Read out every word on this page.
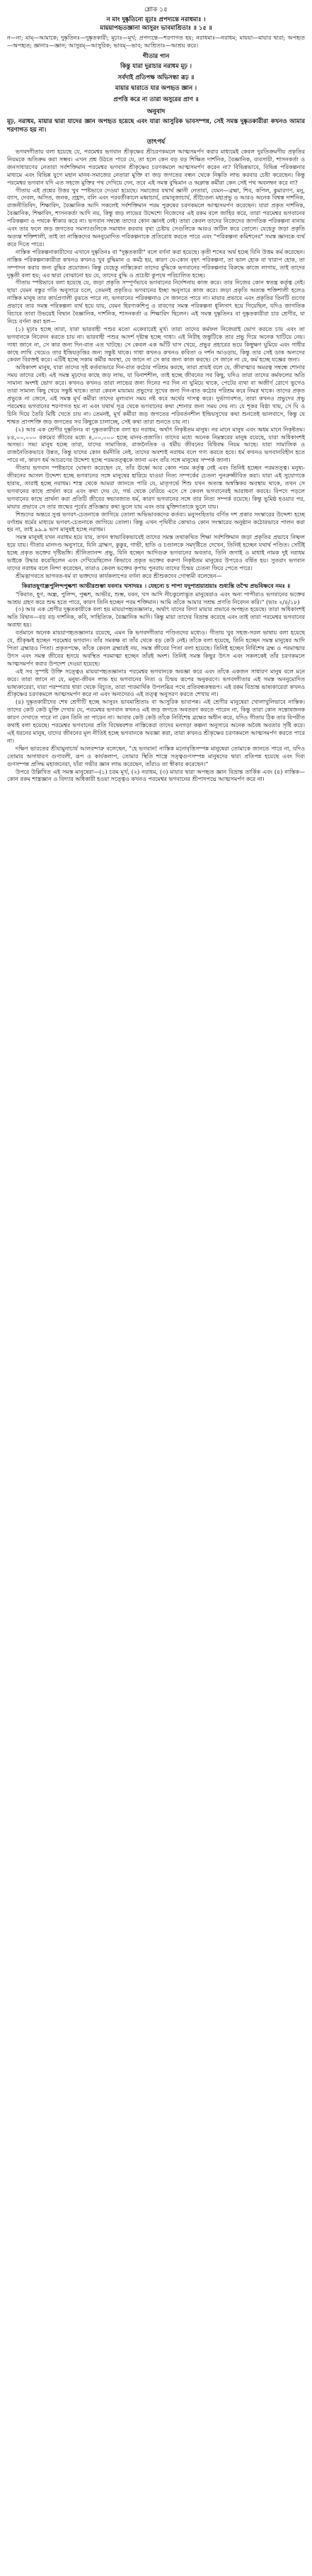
শ্লোক ১৫

ন মাং দুষ্কৃতিনো মূঢ়াঃ প্রপদ্যন্তে নরাধমাঃ ।

মায়য়াপহৃতজ্ঞানা আসুরং ভাবমাশ্রিতাঃ ॥ ১৫ ॥

ন—না; মাম্—আমাকে; দুষ্কৃতিনঃ—দুষ্কৃতকারী; মূঢ়াঃ—মূর্খ; প্রপদ্যন্তে—শরণাগত হয়; নরাধমাঃ—নরাধম; মায়য়া—মায়ার দ্বারা; অপহৃত—অপহৃত; জ্ঞানাঃ—জ্ঞান; আসুরম্—আসুরিক; ভাবম্—ভাব; আশ্রিতাঃ—আশ্রয় করে।

গীতার গান
কিন্তু যারা দুরাচার নরাধম মূঢ় ।
সর্বদাই প্রতিপক্ষ অভিসন্ধা রূঢ় ॥
মায়ার দ্বারাতে যার অপহৃত জ্ঞান ।
প্রপত্তি করে না তারা অসুরের প্রাণ ॥
অনুবাদ

মূঢ়, নরাধম, মায়ার দ্বারা যাদের জ্ঞান অপহৃত হয়েছে এবং যারা আসুরিক ভাবসম্পন্ন, সেই সমস্ত দুষ্কৃতকারীরা কখনও আমার শরণাগত হয় না।

তাৎপর্য

ভগবদ্গীতায় বলা হয়েছে যে, পরমেশ্বর ভগবান শ্রীকৃষ্ণের শ্রীচরণকমলে আত্মসমর্পণ করার মাধ্যমেই কেবল দুরতিক্রমণীয় প্রকৃতির নিয়মকে অতিক্রম করা সম্ভব। এখন প্রশ্ন উঠতে পারে যে, তা হলে কেন বড় বড় শিক্ষিত দার্শনিক, বৈজ্ঞানিক, ব্যবসায়ী, শাসনকর্তা ও জনসাধারণের নেতারা সর্বশক্তিমান পরমেশ্বর ভগবান শ্রীকৃষ্ণের চরণকমলে আত্মসমর্পণ করেন না? বিভিন্নভাবে, বিভিন্ন পরিকল্পনার মাধ্যমে এবং বিভিন্ন যুগে মহান মানব-সমাজের নেতারা মুক্তি বা জড় জগতের বন্ধন থেকে নিষ্কৃতি লাভ করবার চেষ্টা করেছেন। কিন্তু পরমেশ্বর ভগবান যদি এত সহজে মুক্তির পথ দেখিয়ে দেন, তবে এই সমস্ত বুদ্ধিমান ও অক্লান্ত কর্মীরা কেন সেই পথ অবলম্বন করে না?

গীতায় এই প্রশ্নের উত্তর খুব স্পষ্টভাবে দেওয়া হয়েছে। সমাজের যথার্থ জ্ঞানী নেতারা, যেমন—ব্রহ্মা, শিব, কপিল, কুমারগণ, মনু, ব্যাস, দেবল, অসিত, জনক, প্রহ্লাদ, বলি এবং পরবর্তীকালে মধ্বাচার্য, রামানুজাচার্য, শ্রীচৈতন্য মহাপ্রভু ও আরও অনেক বিশ্বস্ত দার্শনিক, রাজনীতিবিদ, শিক্ষাবিদ, বৈজ্ঞানিক আদি সকলেই সর্বশক্তিমান পরম পুরুষের চরণকমলে আত্মসমর্পণ করেছেন। যারা প্রকৃত দার্শনিক, বৈজ্ঞানিক, শিক্ষাবিদ, শাসনকর্তা আদি নয়, কিন্তু জড় লাভের উদ্দেশ্যে নিজেদের এই রকম বলে জাহির করে, তারা পরমেশ্বর ভগবানের পরিকল্পনা ও পথকে স্বীকার করে না। ভগবান সম্বন্ধে তাদের কোন জ্ঞানই নেই। তারা কেবল তাদের নিজেদের জাগতিক পরিকল্পনা বানায় এবং তার ফলে জড় জগতের সমস্যাগুলিকে সমাধান করবার বৃথা চেষ্টায় সেগুলিকে আরও জটিল করে তোলে। যেহেতু জড়া প্রকৃতি অত্যন্ত শক্তিশালী, তাই তা নাস্তিকদের অননুমোদিত পরিকল্পনাকে প্রতিরোধ করতে পারে এবং "পরিকল্পনা কমিশনের" সমস্ত জ্ঞানকে ব্যর্থ করে দিতে পারে।

নাস্তিক পরিকল্পনাকারীদের এখানে দুষ্কৃতিনঃ বা "দুষ্কৃতকারী" বলে বর্ণনা করা হয়েছে। কৃতী শব্দের অর্থ হচ্ছে যিনি উত্তম কর্ম করেছেন। নাস্তিক পরিকল্পনাকারীরা কখনও কখনও খুব বুদ্ধিমান ও কর্মঠ হয়, কারণ যে-কোন বৃহৎ পরিকল্পনা, তা ভাল হোক বা খারাপ হোক, তা সম্পাদন করার জন্য বুদ্ধির প্রয়োজন। কিন্তু যেহেতু নাস্তিকেরা তাদের বুদ্ধিকে ভগবানের পরিকল্পনার বিরুদ্ধে কাজে লাগায়, তাই তাদের দুষ্কৃতী বলা হয়; এর দ্বারা বোঝানো হয় যে, তাদের বুদ্ধি ও প্রচেষ্টা কুপথে পরিচালিত হচ্ছে।

গীতায় স্পষ্টভাবে বলা হয়েছে যে, জড়া প্রকৃতি সম্পূর্ণভাবে ভগবানের নির্দেশনায় কাজ করে। তার নিজের কোন স্বতন্ত্র কর্তৃত্ব নেই। ছায়া যেমন বস্তুর গতি অনুসারে চলে, তেমনই প্রকৃতিও ভগবানের ইচ্ছা অনুসারে কাজ করে। জড়া প্রকৃতি অত্যন্ত শক্তিশালী হলেও নাস্তিক মানুষ তার কার্যপ্রণালী বুঝতে পারে না, ভগবানের পরিকল্পনাও সে জানতে পারে না। মায়ার প্রভাবে এবং প্রকৃতির তিনটি গুণের প্রভাবে তার সমস্ত পরিকল্পনা ব্যর্থ হয়ে যায়, যেমন হিরণ্যকশিপু ও রাবণের সমস্ত পরিকল্পনা ধূলিসাৎ হয়ে গিয়েছিল, যদিও জাগতিক বিচারে তারা উভয়েই বিদ্বান বৈজ্ঞানিক, দার্শনিক, শাসনকর্তা ও শিক্ষাবিদ ছিলেন। এই সমস্ত দুষ্কৃতিনঃ বা দুষ্কৃতকারীরা চার শ্রেণীর, যা নিচে বর্ণনা করা হল—

(১) মূঢ়াঃ হচ্ছে তারা, যারা ভারবাহী পশুর মতো একেবারেই মূর্খ। তারা তাদের কর্মফল নিজেরাই ভোগ করতে চায় এবং তা ভগবানকে নিবেদন করতে চায় না। ভারবাহী পশুর আদর্শ দৃষ্টান্ত হচ্ছে গাধা। এই নিরীহ জন্তুটিকে তার প্রভু দিয়ে অনেক খাটিয়ে নেয়। গাধা জানে না, সে কার জন্য দিন-রাত এত খাটছে। সে কেবল এক আঁটি ঘাস খেয়ে, প্রভুর প্রহারের ভয়ে কিছুক্ষণ ঘুমিয়ে এবং গাধীর কাছে লাথি খেয়েও তার ইন্দ্রিয়তৃপ্তির জন্য সন্তুষ্ট থাকে। গাধা কখনও কখনও কবিতা ও দর্শন আওড়ায়, কিন্তু তার সেই ডাক অন্যদের কেবল বিরক্তই করে। এটিই হচ্ছে সকাম কর্মীর অবস্থা, যে জানে না সে কার জন্য কাজ করছে। সে জানে না যে, কর্ম হচ্ছে যজ্ঞের জন্য।

অধিকাংশ মানুষ, যারা তাদের সৃষ্ট কর্তব্যভারে দিন-রাত কঠোর পরিশ্রম করছে, তারা প্রায়ই বলে যে, জীবাত্মার অমরত্ব সম্বন্ধে শোনার সময় তাদের নেই। এই সমস্ত মূঢ়দের কাছে জড় লাভ, যা বিনাশশীল, তাই হচ্ছে জীবনের সব কিছু, যদিও তারা তাদের কর্মফলের অতি সামান্য অংশই ভোগ করে। কখনও কখনও তারা লাভের জন্য দিনের পর দিন না ঘুমিয়ে থাকে, পেটের ব্যথা বা অজীর্ণ রোগে ভুগেও তারা সামান্য কিছু খেয়ে সন্তুষ্ট থাকে। তারা কেবল মায়াময় প্রভুদের সুখের জন্য দিন-রাত কঠোর পরিশ্রম করে নিমগ্ন থাকে। তাদের প্রকৃত প্রভুকে না জেনে, এই সমস্ত মূর্খ কর্মীরা তাদের মূল্যবান সময় নষ্ট করে অর্থের দাসত্ব করে। দুর্ভাগ্যবশত, তারা কখনও প্রভুদের প্রভু পরমেশ্বর ভগবানের শরণাগত হয় না এবং যথার্থ সূত্র থেকে ভগবানের কথা শোনার জন্য সময় দেয় না। যে শূকর বিষ্ঠা খায়, সে ঘি ও চিনি দিয়ে তৈরি মিষ্টি খেতে চায় না। তেমনই, মূর্খ কর্মীরা জড় জগতের পরিবর্তনশীল ইন্দ্রিয়সুখের কথা শুনতেই ভালবাসে, কিন্তু যে শাশ্বত প্রাণশক্তি জড় জগতের সব কিছুকে চালাচ্ছে, সেই কথা তারা শুনতে চায় না।

(২) আর এক শ্রেণীর দুষ্কৃতিনঃ বা দুষ্কৃতকারীকে বলা হয় নরাধম, অর্থাৎ নিকৃষ্টতম মানুষ। নর মানে মানুষ এবং অধম মানে নিকৃষ্টতম। ৮৪,০০,০০০ রকমের জীবের মধ্যে ৪,০০,০০০ হচ্ছে মানব-প্রজাতি। তাদের মধ্যে অনেক নিম্নস্তরের মানুষ রয়েছে, যারা অধিকাংশই অসভ্য। সভ্য মানুষ হচ্ছে তারা, যাদের সামাজিক, রাজনৈতিক ও ধর্মীয় জীবনের বিধিবদ্ধ নিয়ম আছে। যারা সামাজিক ও রাজনৈতিকভাবে উন্নত, কিন্তু যাদের কোন ধর্মনীতি নেই, তাদের অবশ্যই নরাধম বলে গণ্য করতে হবে। ধর্ম কখনও ভগবানবিহীন হতে পারে না, কারণ ধর্ম আচরণের উদ্দেশ্য হচ্ছে পরমতত্ত্বকে জানা এবং তাঁর সঙ্গে মানুষের সম্পর্ক জানা।

গীতায় ভগবান স্পষ্টভাবে ঘোষণা করেছেন যে, তাঁর ঊর্ধ্বে আর কোন পরম কর্তৃত্ব নেই এবং তিনিই হচ্ছেন পরমতত্ত্ব। মনুষ্য-জীবনের আসল উদ্দেশ্য হচ্ছে ভগবানের সঙ্গে মানুষের হারিয়ে যাওয়া নিত্য সম্পর্কের চেতনা পুনরুজ্জীবিত করা। যারা এই সুযোগকে হারায়, তারাই হচ্ছে নরাধম। শাস্ত্র থেকে আমরা জানতে পারি যে, মাতৃগর্ভে শিশু যখন অত্যন্ত অস্বস্তিকর অবস্থায় থাকে, তখন সে ভগবানের কাছে প্রার্থনা করে এবং কথা দেয় যে, গর্ভ থেকে বেরিয়ে এসে সে কেবল ভগবানেরই আরাধনা করবে। বিপদে পড়লে ভগবানের কাছে প্রার্থনা করা প্রতিটি জীবের স্বভাবজাত ধর্ম, কারণ ভগবানের সঙ্গে তার নিত্য সম্পর্ক রয়েছে। কিন্তু ভূমিষ্ঠ হওয়ার পর, মায়ার প্রভাবে সে তার জন্মের পূর্বের প্রতিজ্ঞার কথা ভুলে যায় এবং তার মুক্তিদাতাকে ভুলে যায়।

শিশুদের অন্তরে সুপ্ত ভগবৎ-চেতনাকে জাগিয়ে তোলা অভিভাবকদের কর্তব্য। মনুসংহিতায় বর্ণিত দশ প্রকার সংস্কারের উদ্দেশ্য হচ্ছে বর্ণাশ্রম ধর্মের মাধ্যমে ভগবৎ-চেতনাকে জাগিয়ে তোলা। কিন্তু এখন পৃথিবীর কোথাও কোন সংস্কারের অনুষ্ঠান কঠোরভাবে পালন করা হয় না, তাই ৯৯.৯ ভাগ মানুষই হচ্ছে নরাধম।

সমস্ত মানুষই যখন নরাধম হয়ে যায়, তখন স্বাভাবিকভাবেই তাদের সমস্ত তথাকথিত শিক্ষা সর্বশক্তিমান জড়া প্রকৃতির প্রভাবে নিষ্ফল হয়ে যায়। গীতার মানদণ্ড অনুসারে, যিনি ব্রাহ্মণ, কুকুর, গাভী, হাতি ও চণ্ডালকে সমদৃষ্টিতে দেখেন, তিনিই হচ্ছেন যথার্থ পণ্ডিত। সেটিই হচ্ছে প্রকৃত ভক্তের দৃষ্টিভঙ্গি। শ্রীনিত্যানন্দ প্রভু, যিনি হচ্ছেন আদিগুরু ভগবানের অবতার, তিনি জগাই ও মাধাই নামক দুই নরাধম ভাইকে উদ্ধার করেছিলেন এবং দেখিয়েছিলেন কিভাবে প্রকৃত ভক্তের করুণা নিকৃষ্টতম মানুষের উপরেও বর্ষিত হয়। সুতরাং ভগবান যাদের নরাধম বলে নিন্দা করেছেন, তারাও কেবল ভক্তের কৃপায় পুনরায় তাদের চিন্ময় চেতনা ফিরে পেতে পারে।

শ্রীমদ্ভাগবতে ভাগবত-ধর্ম বা ভক্তদের কার্যকলাপের বর্ণনা করে শ্রীশুকদেব গোস্বামী বলেছেন—

কিরাতহূণান্ধ্রপুলিন্দপুল্কশা আভীরশুম্ভা যবনাঃ খসাদয়ঃ । যেহন্যে চ পাপা যদুপাশ্রয়াশ্রয়াঃ শুধ্যন্তি তস্মৈ প্রভবিষ্ণবে নমঃ ॥

"কিরাত, হূণ, অন্ধ্র, পুলিন্দ, পুল্কশ, আভীর, শুম্ভ, যবন, খস আদি নীচকুলোদ্ভূত মানুষেরাও এবং অন্য পাপীরাও ভগবানের ভক্তের আশ্রয় গ্রহণ করে শুদ্ধ হতে পারে, কারণ তিনি হচ্ছেন পরম শক্তিমান। আমি তাঁকে আমার সশ্রদ্ধ প্রণতি নিবেদন করি।" (ভাঃ ২/৪/১৮)

(৩) আর এক শ্রেণীর দুষ্কৃতকারীকে বলা হয় মায়য়াপহৃতজ্ঞানাঃ, অর্থাৎ যাদের বিদ্যা মায়ার প্রভাবে অপহৃত হয়েছে। তারা অধিকাংশই অতি বিদ্বান—বড় বড় দার্শনিক, কবি, সাহিত্যিক, বৈজ্ঞানিক আদি। কিন্তু মায়া তাদের বিভ্রান্ত করেছে এবং তাই তারা পরমেশ্বর ভগবানের অবাধ্য হয়।

বর্তমানে অনেক মায়য়াপহৃতজ্ঞানাঃ রয়েছে, এমন কি ভগবদ্গীতার পণ্ডিতদের মধ্যেও। গীতায় খুব সহজ-সরল ভাষায় বলা হয়েছে যে, শ্রীকৃষ্ণই হচ্ছেন পরমেশ্বর ভগবান। তাঁর সমকক্ষ বা তাঁর থেকে বড় কেউ নেই। তাঁকে বলা হয়েছে, তিনি হচ্ছেন সমস্ত মানুষের আদি পিতা ব্রহ্মারও পিতা। প্রকৃতপক্ষে, তাঁকে কেবল ব্রহ্মারই নয়, সমস্ত জীবের পিতা বলা হয়েছে। তিনিই হচ্ছেন নির্বিশেষ ব্রহ্ম ও পরমাত্মার উৎস এবং সমস্ত জীবের হৃদয়ে অবস্থিত পরমাত্মা হচ্ছেন তাঁরই অংশ। তিনিই সমস্ত কিছুর উৎস এবং সকলকেই তাঁর চরণকমলে আত্মসমর্পণ করার উপদেশ দেওয়া হয়েছে।

এই সব সুস্পষ্ট উক্তি সত্ত্বেও মায়য়াপহৃতজ্ঞানাঃ পরমেশ্বর ভগবানকে অবজ্ঞা করে এবং তাঁকে একজন সাধারণ মানুষ বলে মনে করে। তারা জানে না যে, মনুষ্য-জীবন লাভ হয় ভগবানের নিত্য ও চিন্ময় রূপের অনুকরণে। ভগবদ্গীতার এই সমস্ত অননুমোদিত ভাষ্যকারেরা, যারা পরম্পরার ধারা থেকে বিচ্যুত, তারা পারমার্থিক উপলব্ধির পথে প্রতিবন্ধকস্বরূপ। এই রকম বিভ্রান্ত ভাষ্যকারেরা কখনও শ্রীকৃষ্ণের চরণকমলে আত্মসমর্পণ করে না এবং অন্যদেরও এই তত্ত্ব অনুসরণ করতে শেখায় না।

(৪) দুষ্কৃতকারীদের শেষ শ্রেণীটি হচ্ছে আসুরং ভাবমাশ্রিতাঃ বা আসুরিক ভাবাপন্ন। এই শ্রেণীর মানুষেরা খোলাখুলিভাবে নাস্তিক। তাদের কেউ কেউ যুক্তি দেখায় যে, পরমেশ্বর ভগবান কখনও এই জড় জগতে অবতরণ করতে পারেন না, কিন্তু তারা কোন সন্তোষজনক কারণ দেখাতে পারে না কেন তিনি তা পারেন না। আবার কেউ কেউ তাঁকে নির্বিশেষ ব্রহ্মের অধীন করে, যদিও গীতায় ঠিক তার বিপরীত কথাই বলা হয়েছে। পরমেশ্বর ভগবানের প্রতি বিদ্বেষবশত নাস্তিকেরা তাদের মনগড়া কল্পনা অনুসারে অনেক অবৈধ অবতার সৃষ্টি করে। এই ধরনের মানুষ, যাদের জীবনের মূল নীতিই হচ্ছে ভগবানকে অবজ্ঞা করা, তারা কখনও শ্রীকৃষ্ণের চরণকমলে আত্মসমর্পণ করতে পারে না।

দক্ষিণ ভারতের শ্রীযামুনাচার্য আলবন্দারু বলেছেন, "হে ভগবান! নাস্তিক মনোবৃত্তিসম্পন্ন মানুষেরা তোমাকে জানতে পারে না, যদিও তোমার অসাধারণ গুণাবলী, রূপ ও কার্যকলাপ, তোমার স্থিতি শাস্ত্রে সত্ত্বগুণসম্পন্ন মানুষদের দ্বারা প্রতিপন্ন হয়েছে এবং দিব্য গুণসম্পন্ন প্রসিদ্ধ মহাজনেরা, যাঁরা গভীর জ্ঞান লাভ করেছেন, তাঁরাও তা স্বীকার করেছেন।"

উপরে উল্লিখিত এই সমস্ত মানুষেরা—(১) চরম মূর্খ, (২) নরাধম, (৩) মায়ার দ্বারা অপহৃত জ্ঞান বিভ্রান্ত তার্কিক এবং (৪) নাস্তিক—কোন রকম শাস্ত্রজ্ঞান ও বিদ্যার অধিকারী হওয়া সত্ত্বেও কখনও পরমেশ্বর ভগবানের শ্রীপাদপদ্মে আত্মসমর্পণ করে না।
